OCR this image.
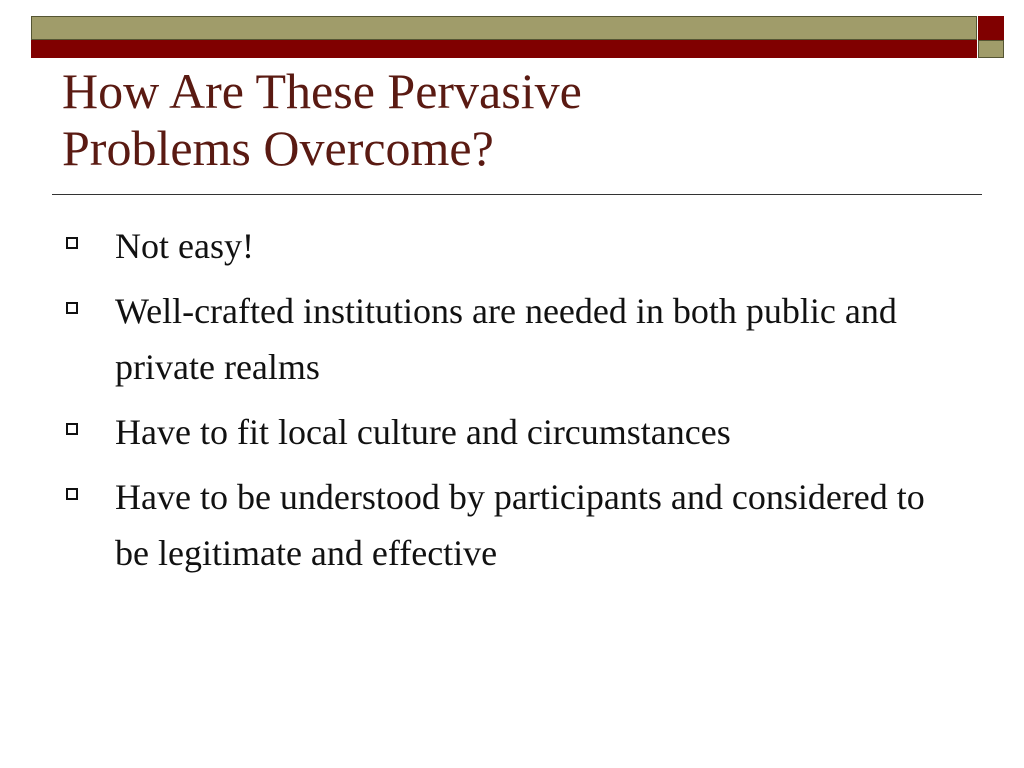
How Are These Pervasive
Problems Overcome?
Not easy!
Well-crafted institutions are needed in both public and private realms
Have to fit local culture and circumstances
Have to be understood by participants and considered to be legitimate and effective
